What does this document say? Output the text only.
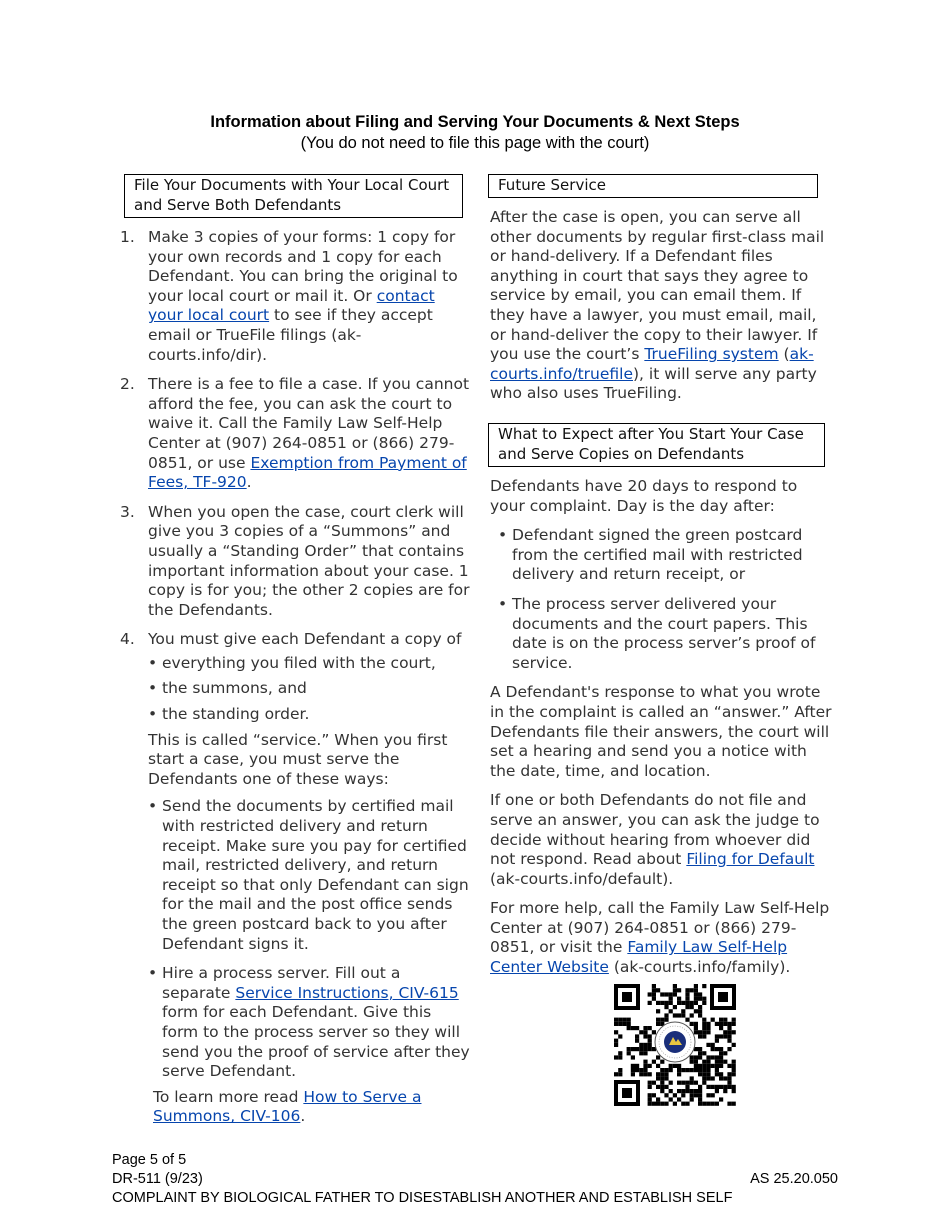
Information about Filing and Serving Your Documents & Next Steps
(You do not need to file this page with the court)
File Your Documents with Your Local Court and Serve Both Defendants
1. Make 3 copies of your forms: 1 copy for your own records and 1 copy for each Defendant. You can bring the original to your local court or mail it. Or contact your local court to see if they accept email or TrueFile filings (ak-courts.info/dir).
2. There is a fee to file a case. If you cannot afford the fee, you can ask the court to waive it. Call the Family Law Self-Help Center at (907) 264-0851 or (866) 279-0851, or use Exemption from Payment of Fees, TF-920.
3. When you open the case, court clerk will give you 3 copies of a “Summons” and usually a “Standing Order” that contains important information about your case. 1 copy is for you; the other 2 copies are for the Defendants.
4. You must give each Defendant a copy of
• everything you filed with the court,
• the summons, and
• the standing order.

This is called “service.” When you first start a case, you must serve the Defendants one of these ways:

• Send the documents by certified mail with restricted delivery and return receipt. Make sure you pay for certified mail, restricted delivery, and return receipt so that only Defendant can sign for the mail and the post office sends the green postcard back to you after Defendant signs it.
• Hire a process server. Fill out a separate Service Instructions, CIV-615 form for each Defendant. Give this form to the process server so they will send you the proof of service after they serve Defendant.

To learn more read How to Serve a Summons, CIV-106.

Future Service

After the case is open, you can serve all other documents by regular first-class mail or hand-delivery. If a Defendant files anything in court that says they agree to service by email, you can email them. If they have a lawyer, you must email, mail, or hand-deliver the copy to their lawyer. If you use the court’s TrueFiling system (ak-courts.info/truefile), it will serve any party who also uses TrueFiling.

What to Expect after You Start Your Case and Serve Copies on Defendants

Defendants have 20 days to respond to your complaint. Day is the day after:

• Defendant signed the green postcard from the certified mail with restricted delivery and return receipt, or
• The process server delivered your documents and the court papers. This date is on the process server’s proof of service.

A Defendant's response to what you wrote in the complaint is called an “answer.” After Defendants file their answers, the court will set a hearing and send you a notice with the date, time, and location.

If one or both Defendants do not file and serve an answer, you can ask the judge to decide without hearing from whoever did not respond. Read about Filing for Default (ak-courts.info/default).

For more help, call the Family Law Self-Help Center at (907) 264-0851 or (866) 279-0851, or visit the Family Law Self-Help Center Website (ak-courts.info/family).

Page 5 of 5
DR-511 (9/23)
COMPLAINT BY BIOLOGICAL FATHER TO DISESTABLISH ANOTHER AND ESTABLISH SELF
AS 25.20.050
